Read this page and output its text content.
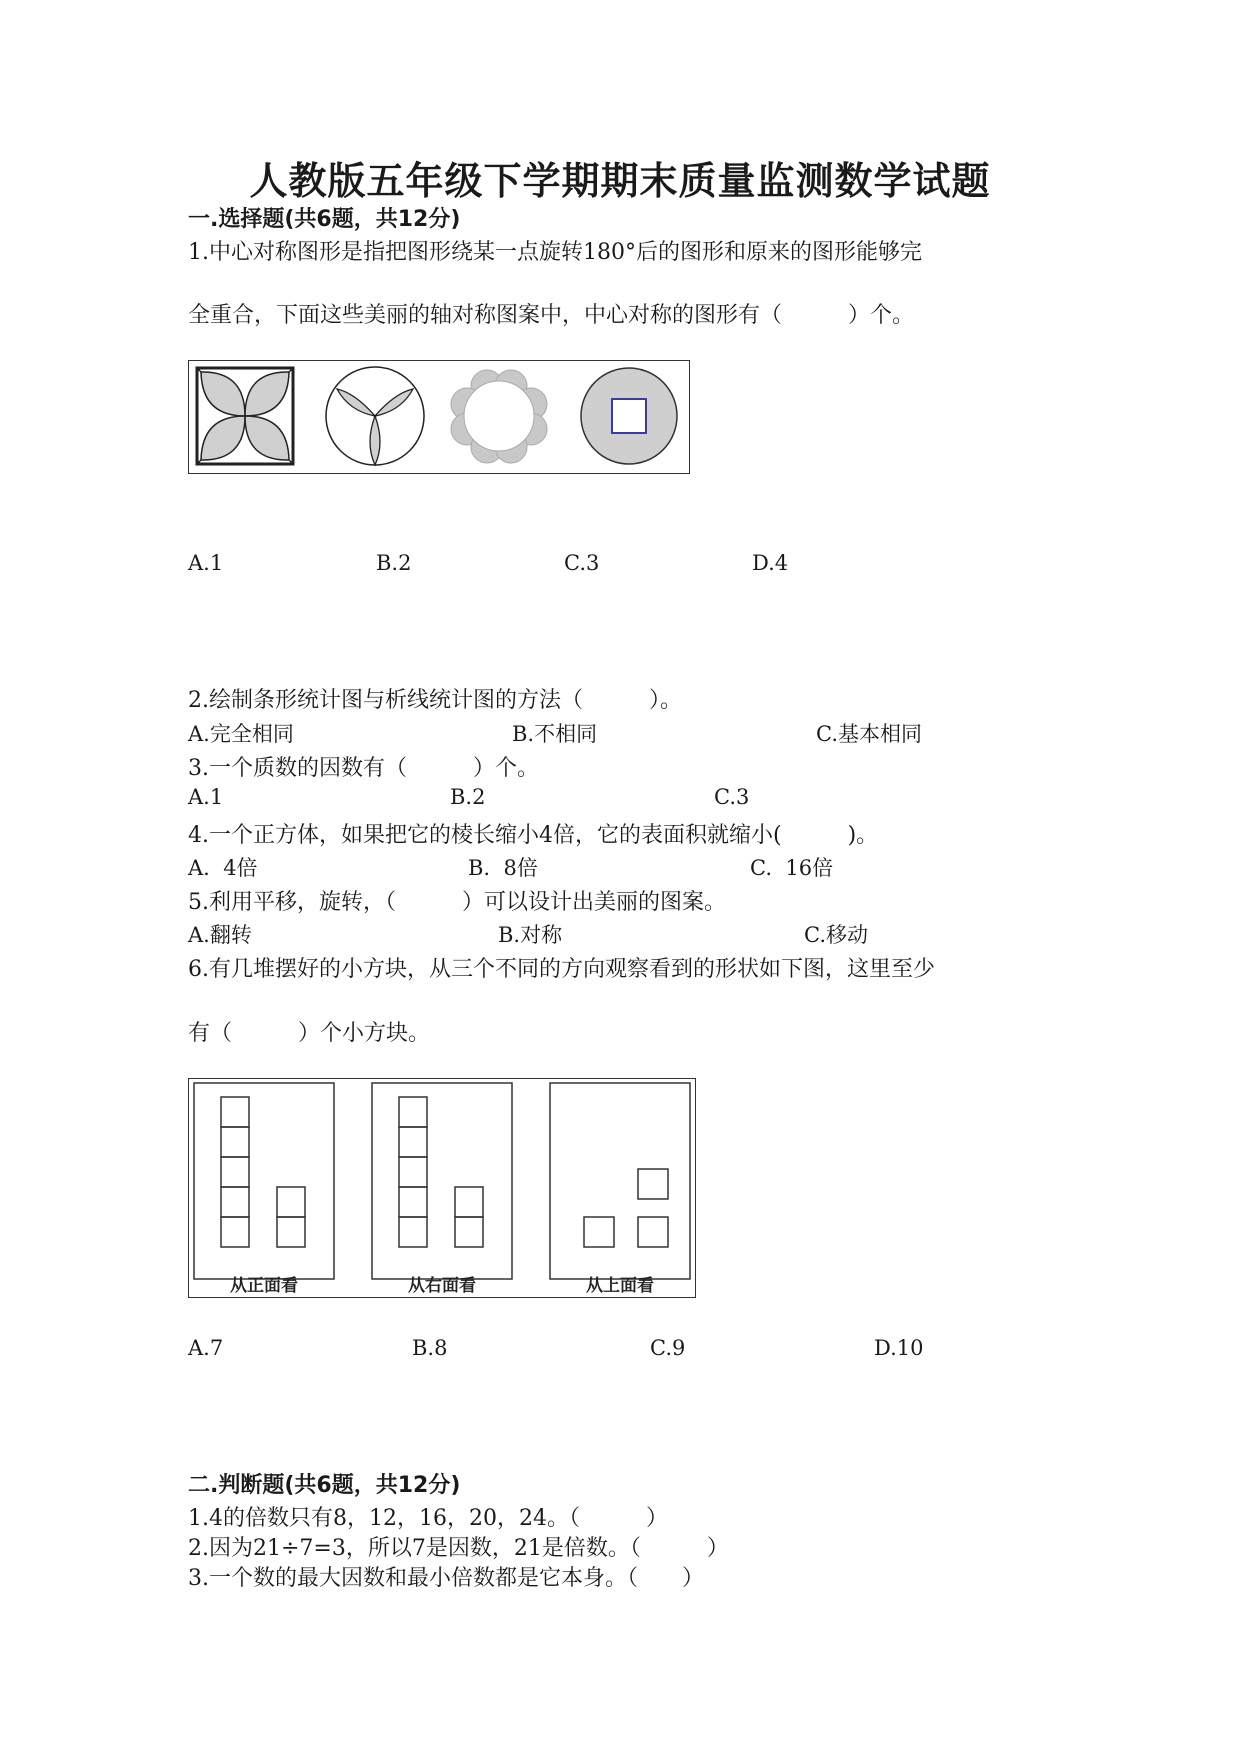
人教版五年级下学期期末质量监测数学试题
一.选择题(共6题，共12分)
1.中心对称图形是指把图形绕某一点旋转180°后的图形和原来的图形能够完
全重合，下面这些美丽的轴对称图案中，中心对称的图形有（　　　）个。
A.1	B.2	C.3	D.4
2.绘制条形统计图与析线统计图的方法（　　　）。
A.完全相同	B.不相同	C.基本相同
3.一个质数的因数有（　　　）个。
A.1	B.2	C.3
4.一个正方体，如果把它的棱长缩小4倍，它的表面积就缩小(　　　)。
A.  4倍	B.  8倍	C.  16倍
5.利用平移，旋转，（　　　）可以设计出美丽的图案。
A.翻转	B.对称	C.移动
6.有几堆摆好的小方块，从三个不同的方向观察看到的形状如下图，这里至少
有（　　　）个小方块。
从正面看	从右面看	从上面看
A.7	B.8	C.9	D.10
二.判断题(共6题，共12分)
1.4的倍数只有8，12，16，20，24。（　　　）
2.因为21÷7=3，所以7是因数，21是倍数。（　　　）
3.一个数的最大因数和最小倍数都是它本身。（　　）
